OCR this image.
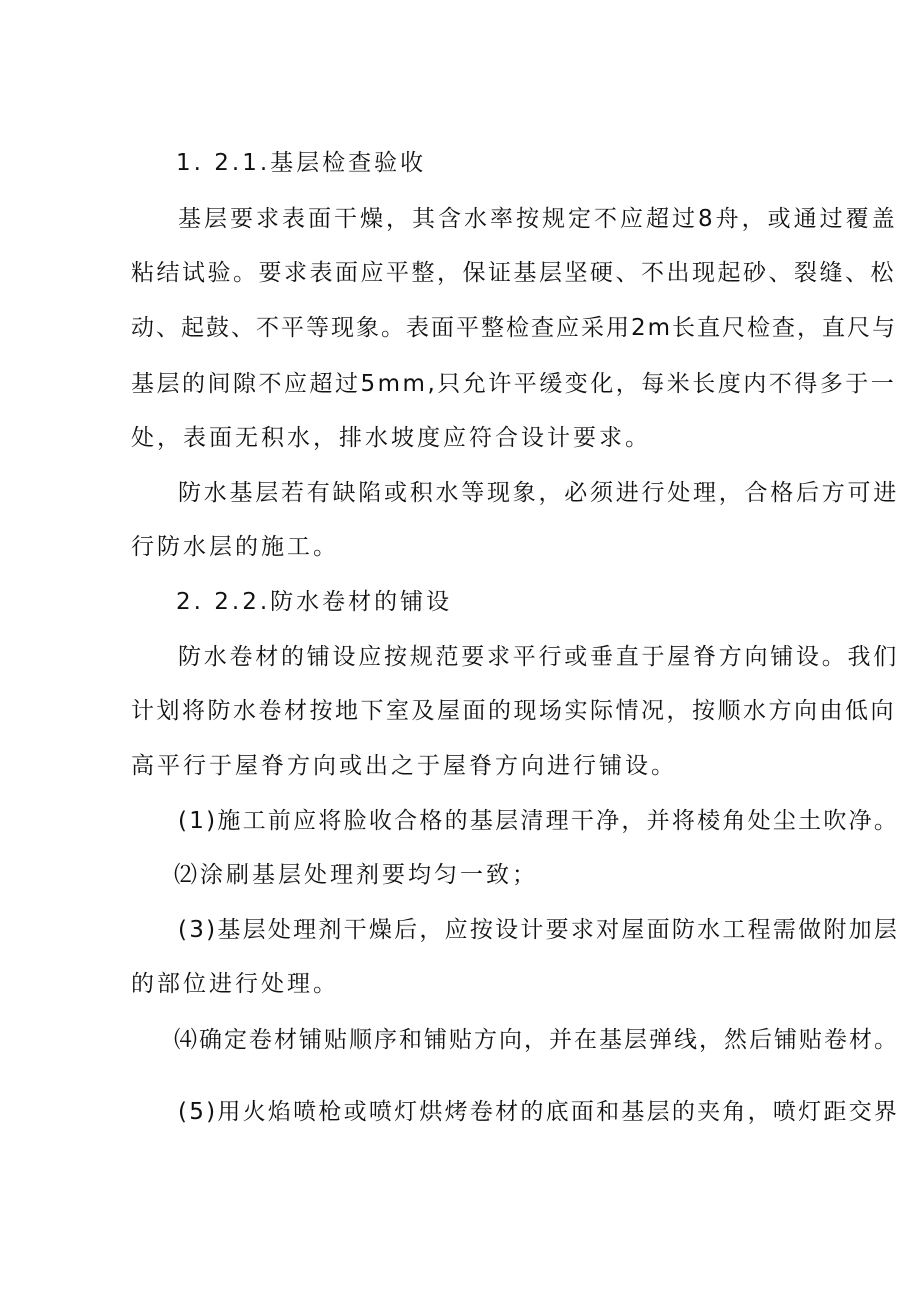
1. 2.1.基层检查验收
基层要求表面干燥，其含水率按规定不应超过8舟，或通过覆盖
粘结试验。要求表面应平整，保证基层坚硬、不出现起砂、裂缝、松
动、起鼓、不平等现象。表面平整检查应采用2m长直尺检查，直尺与
基层的间隙不应超过5mm,只允许平缓变化，每米长度内不得多于一
处，表面无积水，排水坡度应符合设计要求。
防水基层若有缺陷或积水等现象，必须进行处理，合格后方可进
行防水层的施工。
2. 2.2.防水卷材的铺设
防水卷材的铺设应按规范要求平行或垂直于屋脊方向铺设。我们
计划将防水卷材按地下室及屋面的现场实际情况，按顺水方向由低向
高平行于屋脊方向或出之于屋脊方向进行铺设。
(1)施工前应将脸收合格的基层清理干净，并将棱角处尘土吹净。
⑵涂刷基层处理剂要均匀一致；
(3)基层处理剂干燥后，应按设计要求对屋面防水工程需做附加层
的部位进行处理。
⑷确定卷材铺贴顺序和铺贴方向，并在基层弹线，然后铺贴卷材。
(5)用火焰喷枪或喷灯烘烤卷材的底面和基层的夹角，喷灯距交界
